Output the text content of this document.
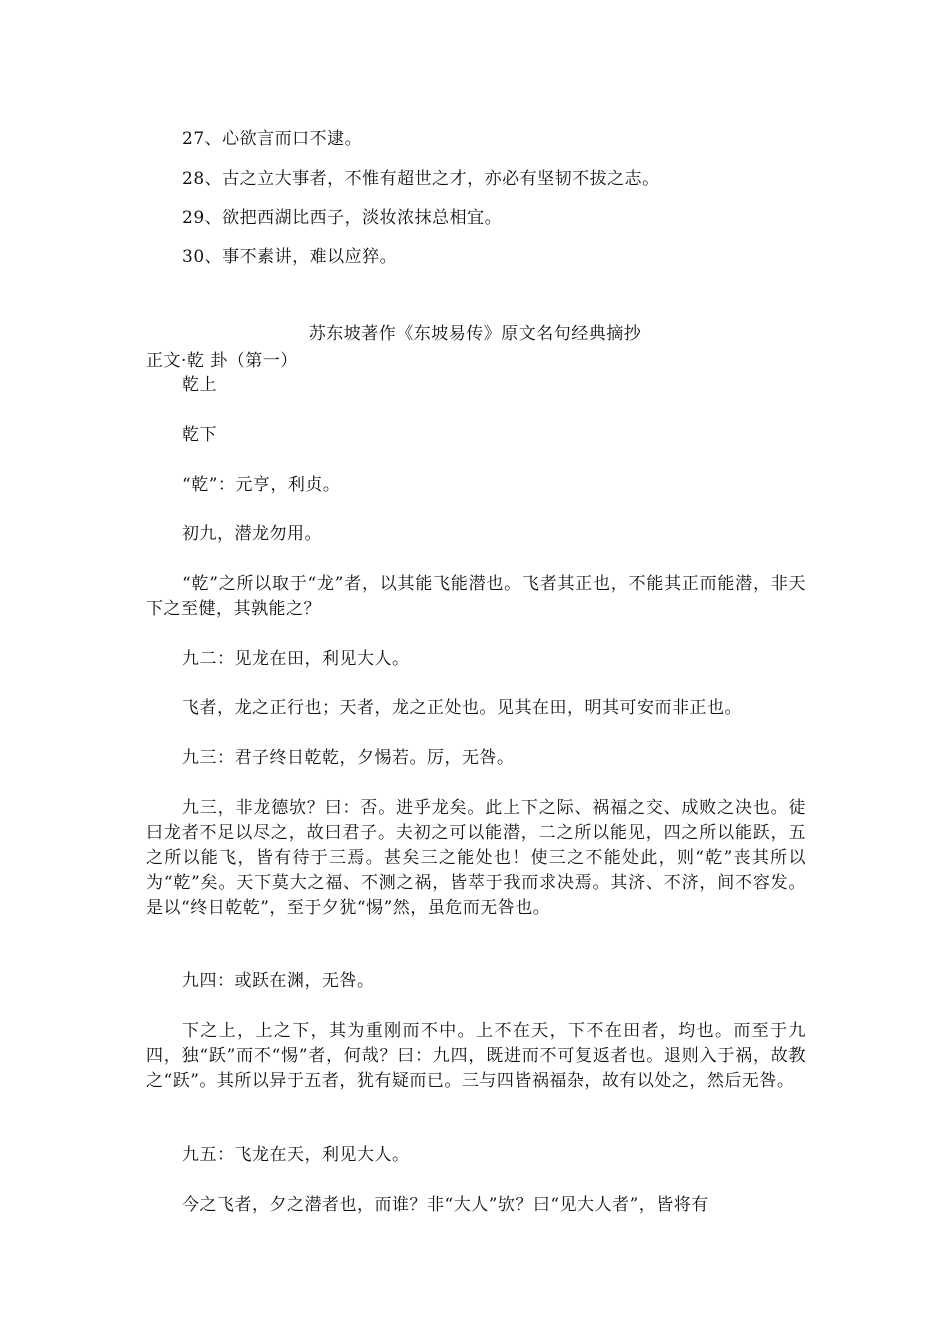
27、心欲言而口不逮。
28、古之立大事者，不惟有超世之才，亦必有坚韧不拔之志。
29、欲把西湖比西子，淡妆浓抹总相宜。
30、事不素讲，难以应猝。
苏东坡著作《东坡易传》原文名句经典摘抄
正文·乾 卦（第一）
乾上
乾下
“乾”：元亨，利贞。
初九，潜龙勿用。
“乾”之所以取于“龙”者，以其能飞能潜也。飞者其正也，不能其正而能潜，非天下之至健，其孰能之？
九二：见龙在田，利见大人。
飞者，龙之正行也；天者，龙之正处也。见其在田，明其可安而非正也。
九三：君子终日乾乾，夕惕若。厉，无咎。
九三，非龙德欤？曰：否。进乎龙矣。此上下之际、祸福之交、成败之决也。徒曰龙者不足以尽之，故曰君子。夫初之可以能潜，二之所以能见，四之所以能跃，五之所以能飞，皆有待于三焉。甚矣三之能处也！使三之不能处此，则“乾”丧其所以为“乾”矣。天下莫大之福、不测之祸，皆萃于我而求决焉。其济、不济，间不容发。是以“终日乾乾”，至于夕犹“惕”然，虽危而无咎也。
九四：或跃在渊，无咎。
下之上，上之下，其为重刚而不中。上不在天，下不在田者，均也。而至于九四，独“跃”而不“惕”者，何哉？曰：九四，既进而不可复返者也。退则入于祸，故教之“跃”。其所以异于五者，犹有疑而已。三与四皆祸福杂，故有以处之，然后无咎。
九五：飞龙在天，利见大人。
今之飞者，夕之潜者也，而谁？非“大人”欤？曰“见大人者”，皆将有
